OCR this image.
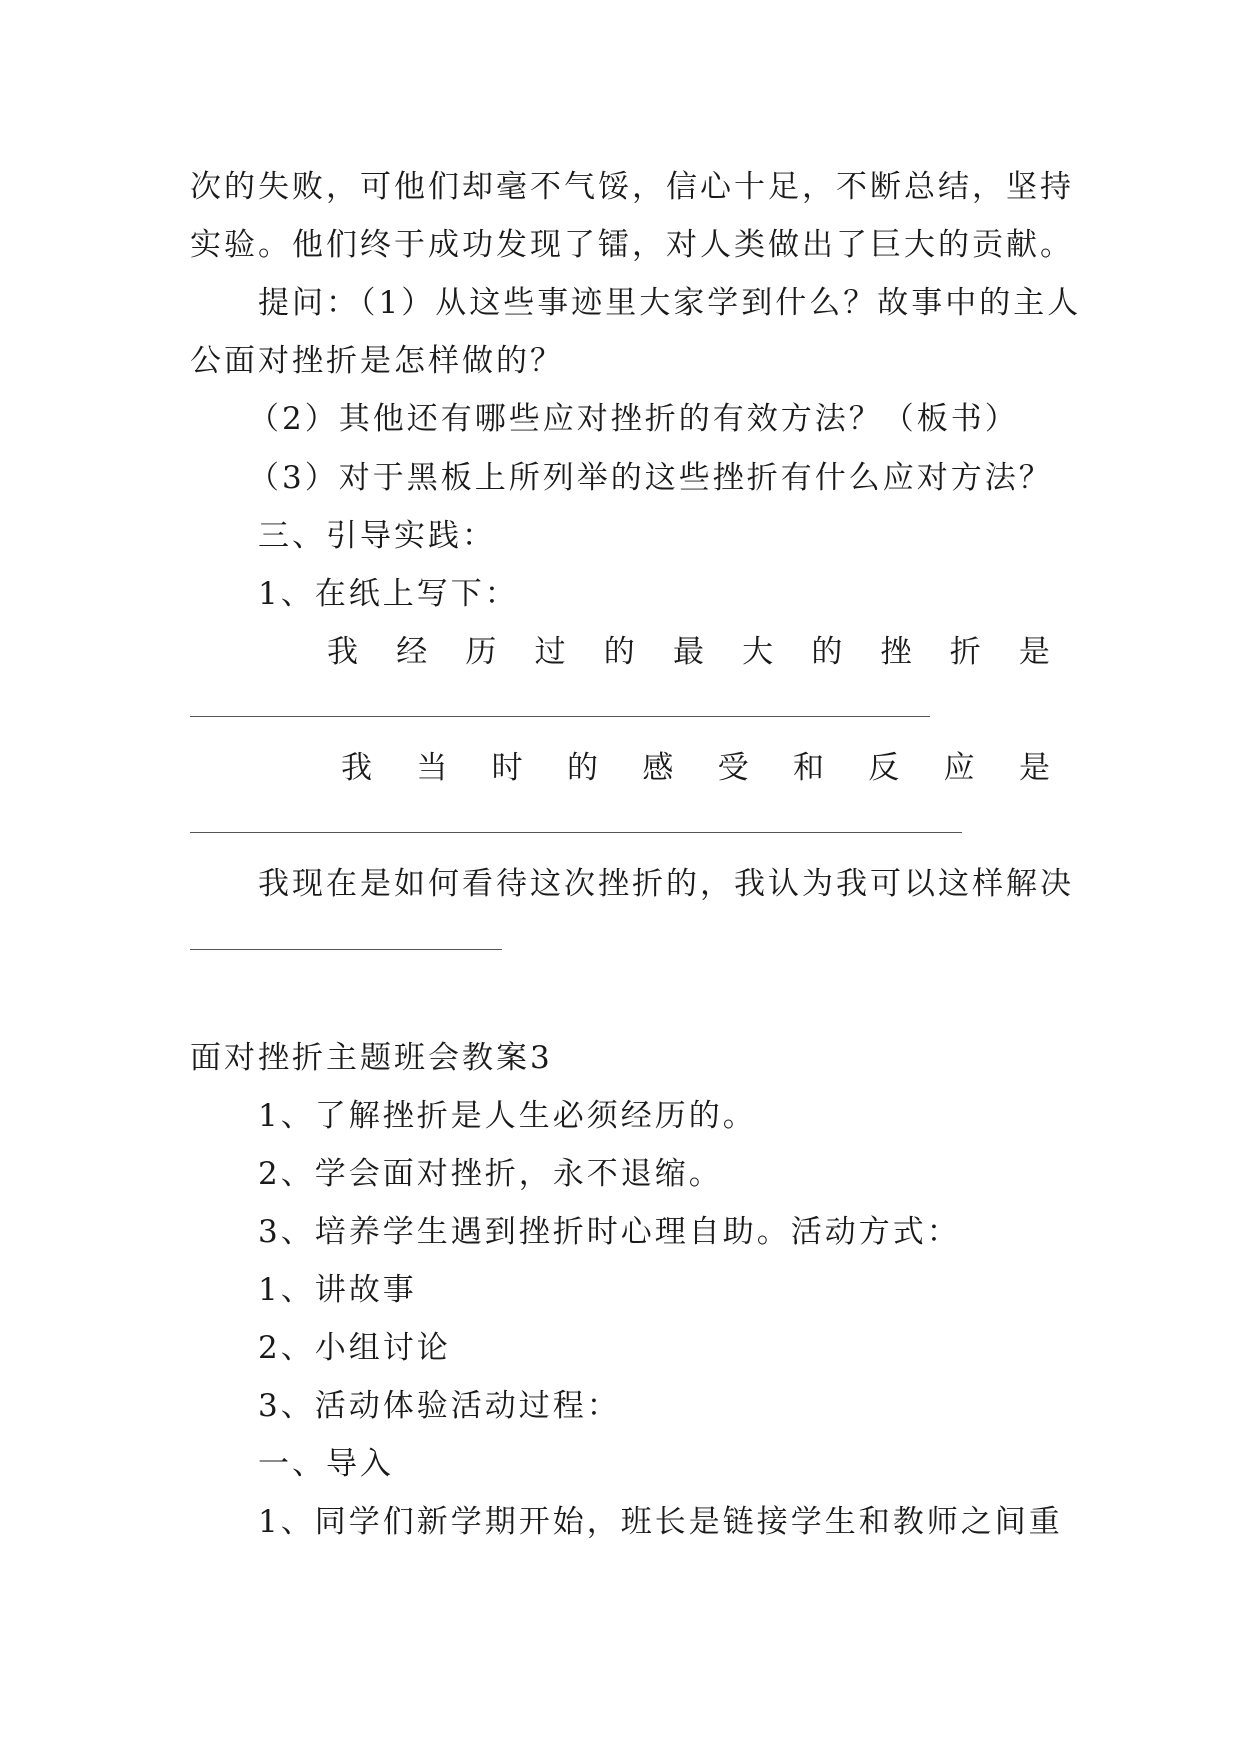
次的失败，可他们却毫不气馁，信心十足，不断总结，坚持

实验。他们终于成功发现了镭，对人类做出了巨大的贡献。

提问：（1）从这些事迹里大家学到什么？故事中的主人

公面对挫折是怎样做的？

（2）其他还有哪些应对挫折的有效方法？（板书）

（3）对于黑板上所列举的这些挫折有什么应对方法？

三、引导实践：

1、在纸上写下：

我 经 历 过 的 最 大 的 挫 折 是

我 当 时 的 感 受 和 反 应 是

我现在是如何看待这次挫折的，我认为我可以这样解决

面对挫折主题班会教案3

1、了解挫折是人生必须经历的。

2、学会面对挫折，永不退缩。

3、培养学生遇到挫折时心理自助。活动方式：

1、讲故事

2、小组讨论

3、活动体验活动过程：

一、导入

1、同学们新学期开始，班长是链接学生和教师之间重
